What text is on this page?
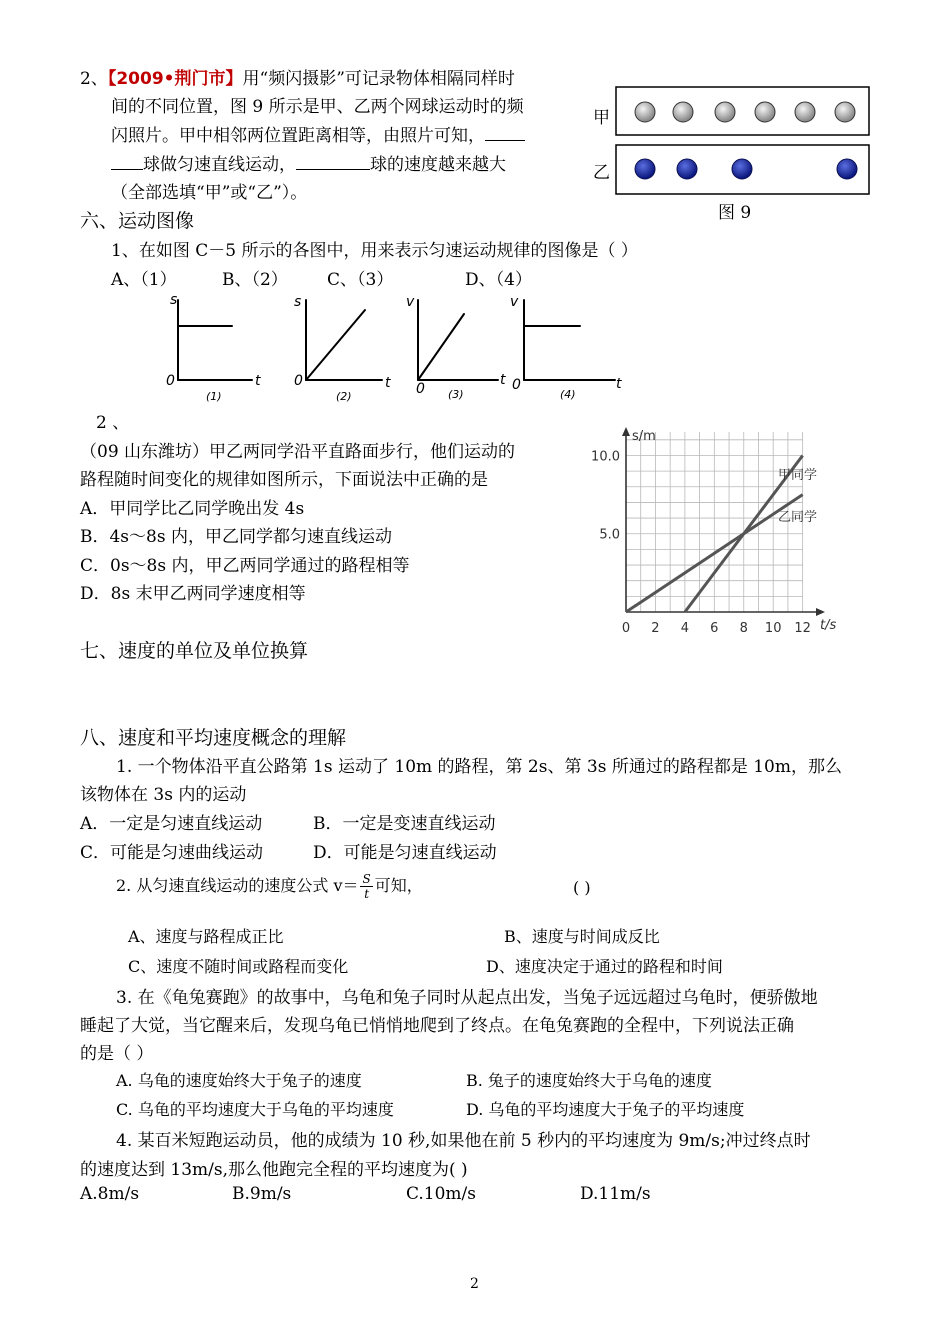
2、【2009•荆门市】用“频闪摄影”可记录物体相隔同样时
间的不同位置，图 9 所示是甲、乙两个网球运动时的频
闪照片。甲中相邻两位置距离相等，由照片可知，
球做匀速直线运动，	球的速度越来越大
（全部选填“甲”或“乙”）。
甲
乙
图 9
六、运动图像
1、在如图 C－5 所示的各图中，用来表示匀速运动规律的图像是（ ）
A、（1）	B、（2） C、（3）	D、（4）
s
t
0
(1)
s
t
0
(2)
v
t
0 (3)
v
t
0
(4)
2 、
（09 山东潍坊）甲乙两同学沿平直路面步行，他们运动的
路程随时间变化的规律如图所示，下面说法中正确的是
A．甲同学比乙同学晚出发 4s
B．4s～8s 内，甲乙同学都匀速直线运动
C．0s～8s 内，甲乙两同学通过的路程相等
D．8s 末甲乙两同学速度相等
甲同学
乙同学
s/m
t/s
5.0
10.0
0 2 4 6 8 10 12
七、速度的单位及单位换算
八、速度和平均速度概念的理解
1. 一个物体沿平直公路第 1s 运动了 10m 的路程，第 2s、第 3s 所通过的路程都是 10m，那么
该物体在 3s 内的运动
A．一定是匀速直线运动	B．一定是变速直线运动
C．可能是匀速曲线运动	D．可能是匀速直线运动
2. 从匀速直线运动的速度公式 $v= \frac{S}{t}$ 可知，	( )
A、速度与路程成正比	B、速度与时间成反比
C、速度不随时间或路程而变化	D、速度决定于通过的路程和时间
3. 在《龟兔赛跑》的故事中，乌龟和兔子同时从起点出发，当兔子远远超过乌龟时，便骄傲地
睡起了大觉，当它醒来后，发现乌龟已悄悄地爬到了终点。在龟兔赛跑的全程中，下列说法正确
的是（ ）
A. 乌龟的速度始终大于兔子的速度	B. 兔子的速度始终大于乌龟的速度
C. 乌龟的平均速度大于乌龟的平均速度	D. 乌龟的平均速度大于兔子的平均速度
4. 某百米短跑运动员，他的成绩为 10 秒,如果他在前 5 秒内的平均速度为 9m/s;冲过终点时
的速度达到 13m/s,那么他跑完全程的平均速度为( )
A.8m/s	B.9m/s	C.10m/s	D.11m/s
2
